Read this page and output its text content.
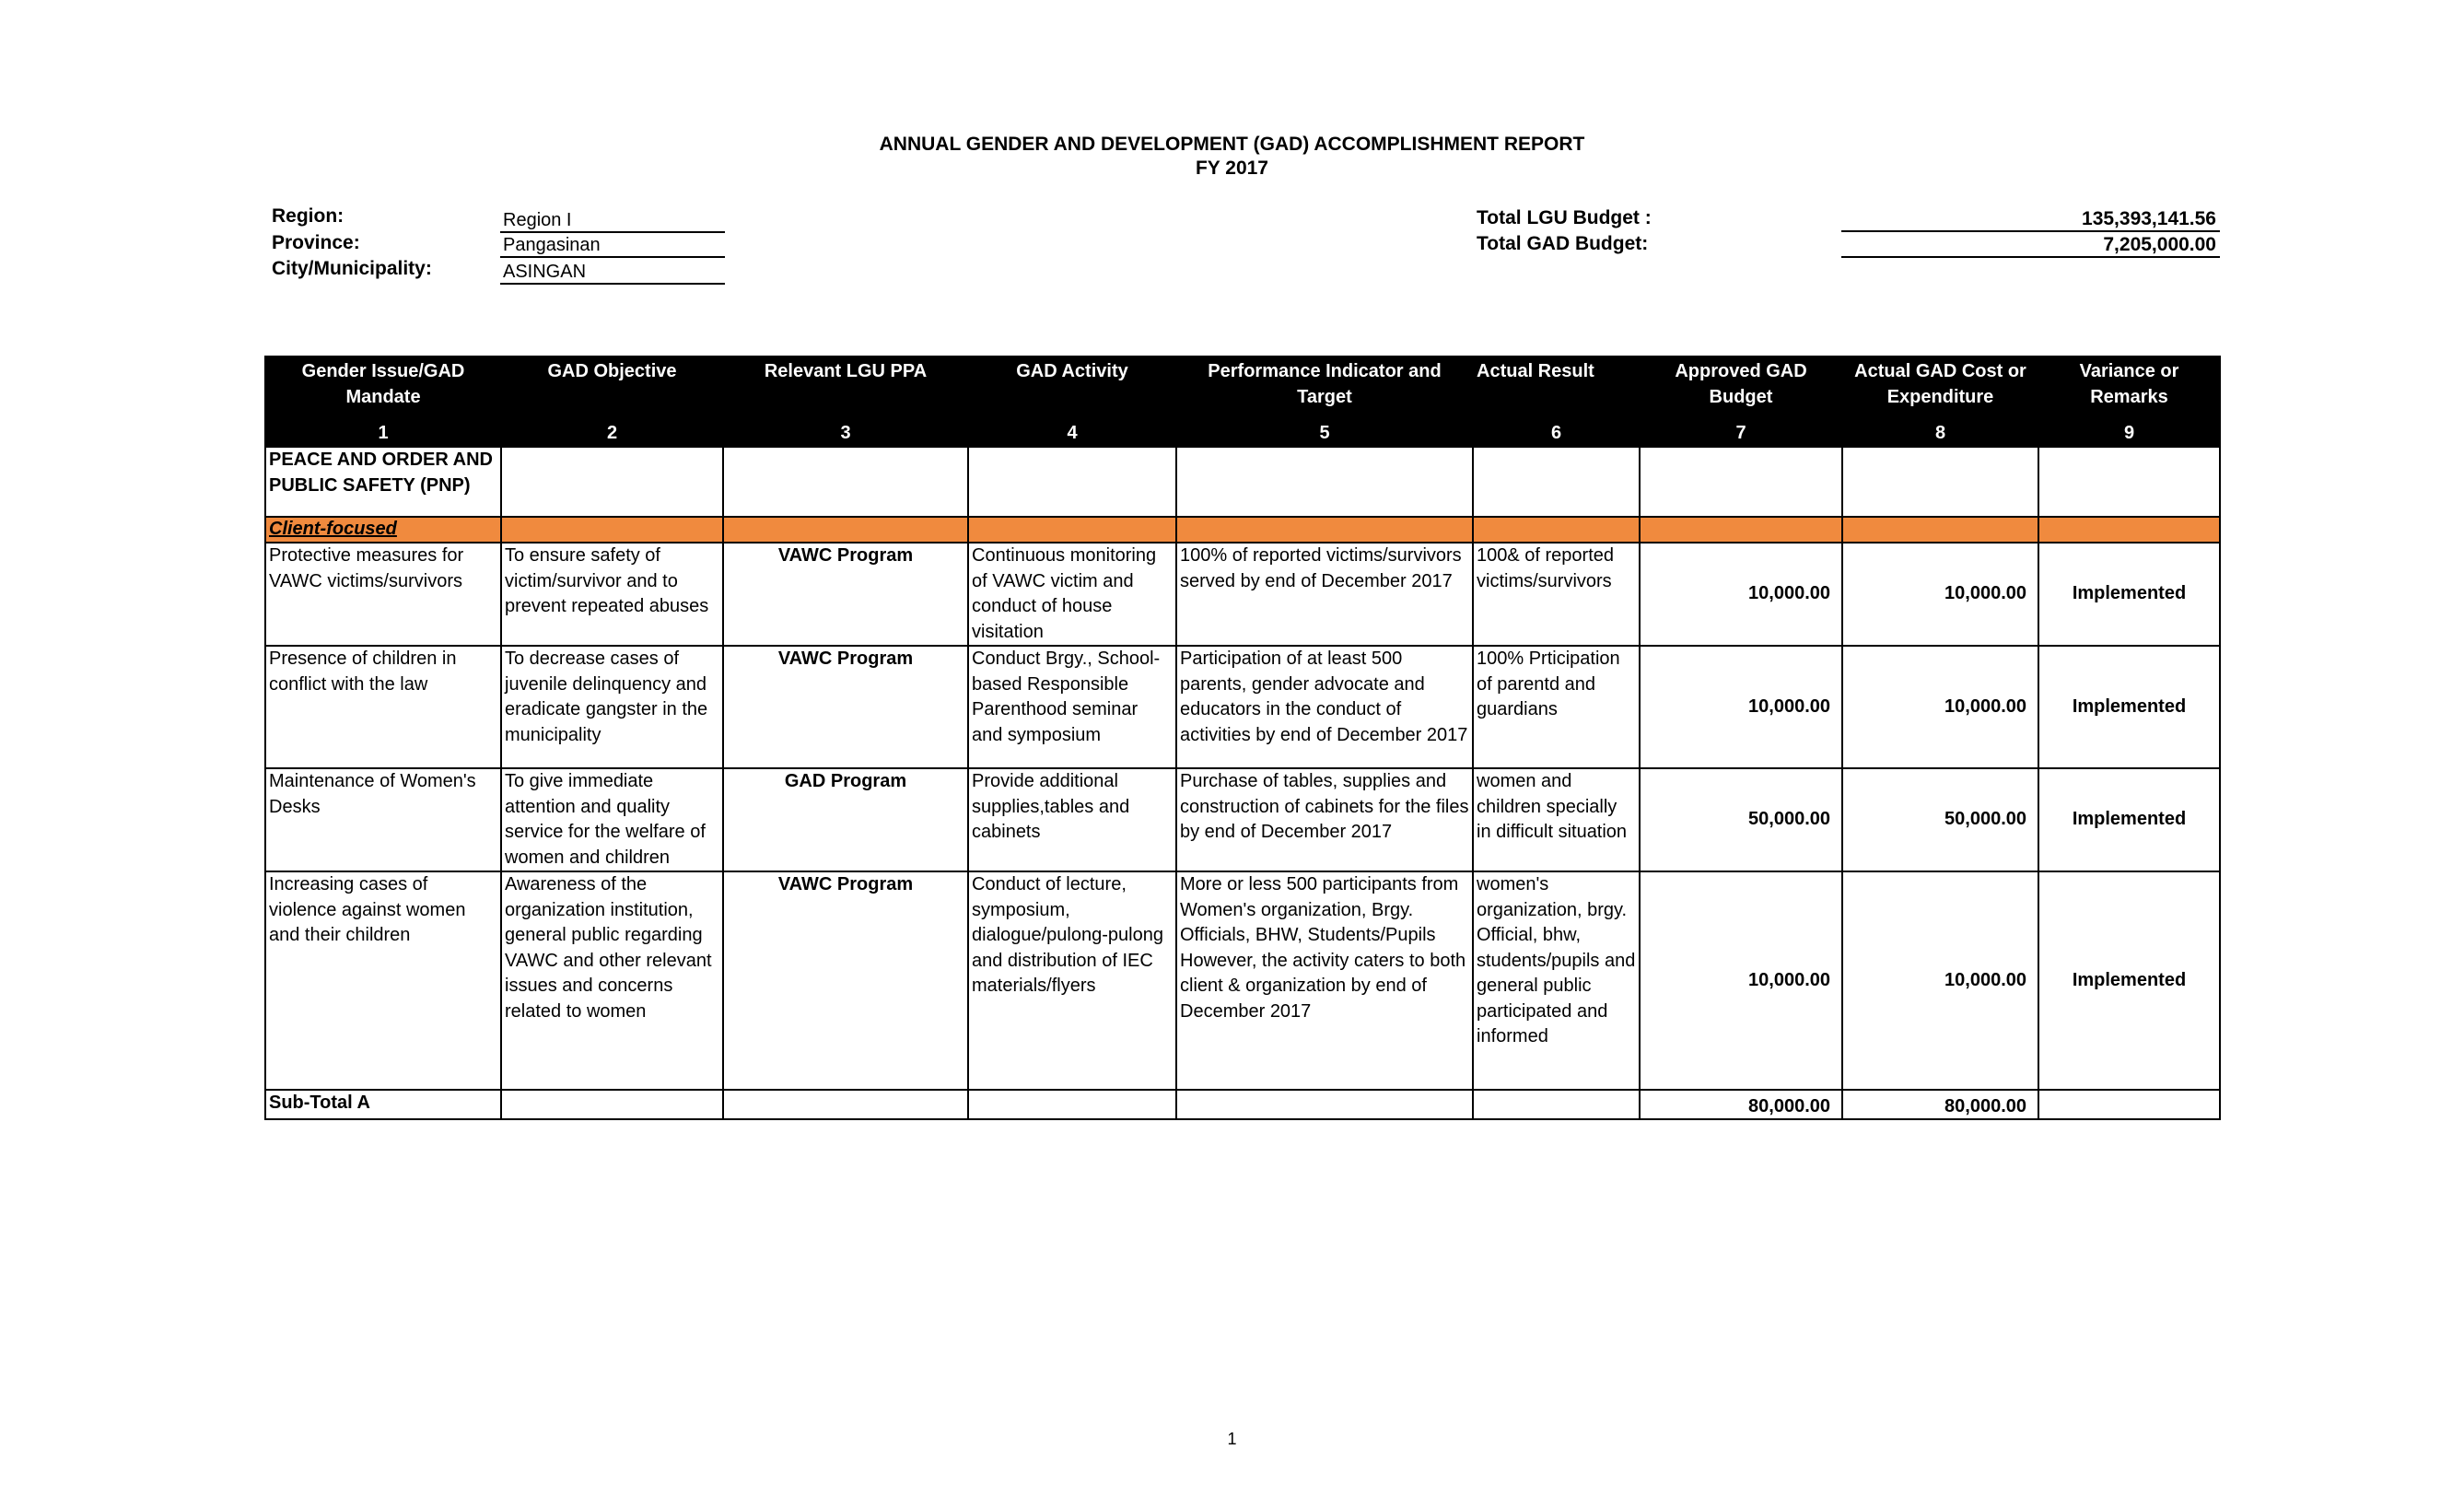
ANNUAL GENDER AND DEVELOPMENT (GAD) ACCOMPLISHMENT REPORT
FY 2017
Region:	Region I
Province:	Pangasinan
City/Municipality:	ASINGAN
Total LGU Budget :	135,393,141.56
Total GAD Budget:	7,205,000.00
Gender Issue/GAD Mandate	GAD Objective	Relevant LGU PPA	GAD Activity	Performance Indicator and Target	Actual Result	Approved GAD Budget	Actual GAD Cost or Expenditure	Variance or Remarks
1	2	3	4	5	6	7	8	9
PEACE AND ORDER AND PUBLIC SAFETY (PNP)								
Client-focused								
Protective measures for VAWC victims/survivors	To ensure safety of victim/survivor and to prevent repeated abuses	VAWC Program	Continuous monitoring of VAWC victim and conduct of house visitation	100% of reported victims/survivors served by end of December 2017	100& of reported victims/survivors	10,000.00	10,000.00	Implemented
Presence of children in conflict with the law	To decrease cases of juvenile delinquency and eradicate gangster in the municipality	VAWC Program	Conduct Brgy., School-based Responsible Parenthood seminar and symposium	Participation of at least 500 parents, gender advocate and educators in the conduct of activities by end of December 2017	100% Prticipation of parentd and guardians	10,000.00	10,000.00	Implemented
Maintenance of Women's Desks	To give immediate attention and quality service for the welfare of women and children	GAD Program	Provide additional supplies,tables and cabinets	Purchase of tables, supplies and construction of cabinets for the files by end of December 2017	women and children specially in difficult situation	50,000.00	50,000.00	Implemented
Increasing cases of violence against women and their children	Awareness of the organization institution, general public regarding VAWC and other relevant issues and concerns related to women	VAWC Program	Conduct of lecture, symposium, dialogue/pulong-pulong and distribution of IEC materials/flyers	More or less 500 participants from Women's organization, Brgy. Officials, BHW, Students/Pupils However, the activity caters to both client & organization by end of December 2017	women's organization, brgy. Official, bhw, students/pupils and general public participated and informed	10,000.00	10,000.00	Implemented
Sub-Total A						80,000.00	80,000.00	
1
